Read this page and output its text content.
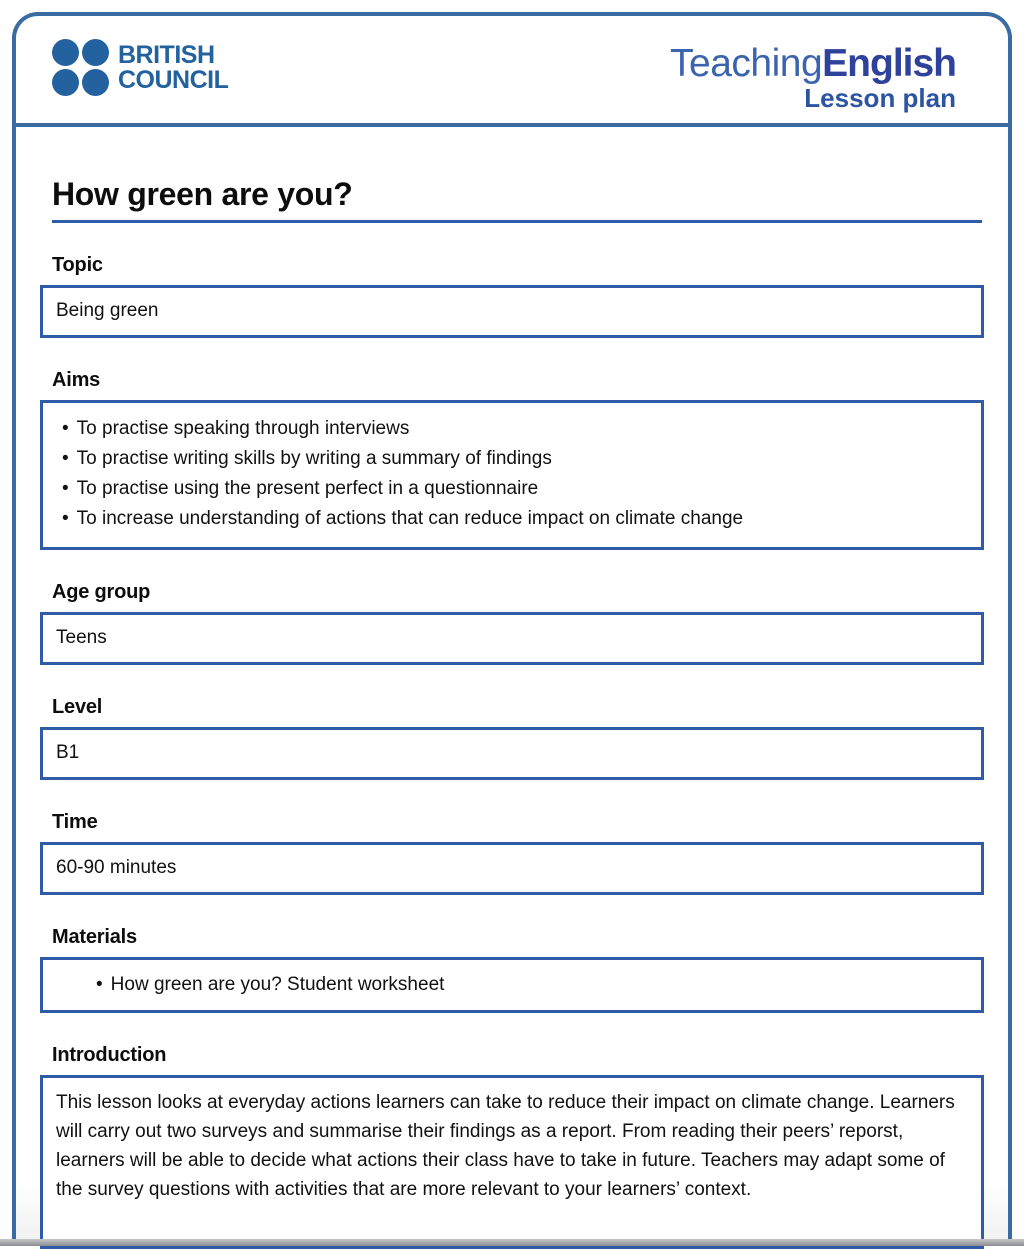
BRITISH
COUNCIL	TeachingEnglish
Lesson plan
How green are you?
Topic
Being green
Aims
• To practise speaking through interviews
• To practise writing skills by writing a summary of findings
• To practise using the present perfect in a questionnaire
• To increase understanding of actions that can reduce impact on climate change
Age group
Teens
Level
B1
Time
60-90 minutes
Materials
• How green are you? Student worksheet
Introduction
This lesson looks at everyday actions learners can take to reduce their impact on climate change. Learners will carry out two surveys and summarise their findings as a report. From reading their peers’ reporst, learners will be able to decide what actions their class have to take in future. Teachers may adapt some of the survey questions with activities that are more relevant to your learners’ context.
